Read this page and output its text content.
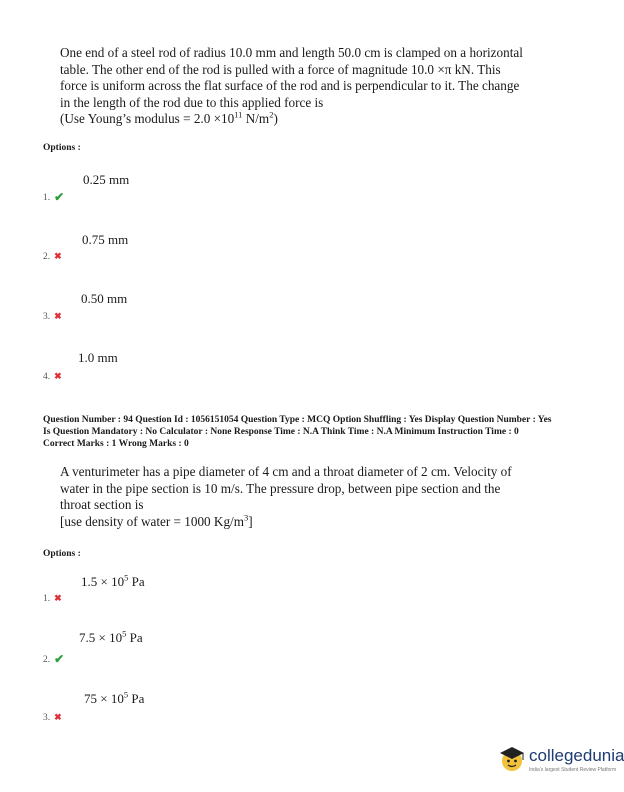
One end of a steel rod of radius 10.0 mm and length 50.0 cm is clamped on a horizontal

table. The other end of the rod is pulled with a force of magnitude 10.0 ×π kN. This

force is uniform across the flat surface of the rod and is perpendicular to it. The change

in the length of the rod due to this applied force is

(Use Young’s modulus = $2.0 \times 10^{11}$ $N/m^2$)

Options :
0.25 mm
1. ✔
0.75 mm
2. ✖
0.50 mm
3. ✖
1.0 mm
4. ✖

Question Number : 94 Question Id : 1056151054 Question Type : MCQ Option Shuffling : Yes Display Question Number : Yes

Is Question Mandatory : No Calculator : None Response Time : N.A Think Time : N.A Minimum Instruction Time : 0

Correct Marks : 1 Wrong Marks : 0

A venturimeter has a pipe diameter of 4 cm and a throat diameter of 2 cm. Velocity of

water in the pipe section is 10 m/s. The pressure drop, between pipe section and the

throat section is

[use density of water = 1000 $Kg/m^3$]

Options :
$1.5 \times 10^5$ Pa
1. ✖
$7.5 \times 10^5$ Pa
2. ✔
$75 \times 10^5$ Pa
3. ✖
collegedunia
India's largest Student Review Platform
